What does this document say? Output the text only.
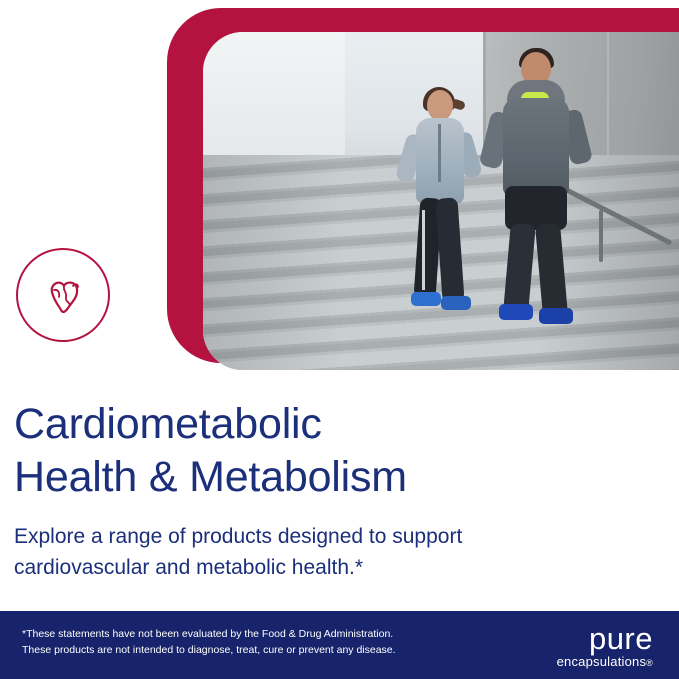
Cardiometabolic
Health & Metabolism
Explore a range of products designed to support
cardiovascular and metabolic health.*
*These statements have not been evaluated by the Food & Drug Administration.
These products are not intended to diagnose, treat, cure or prevent any disease.	pure
encapsulations®
